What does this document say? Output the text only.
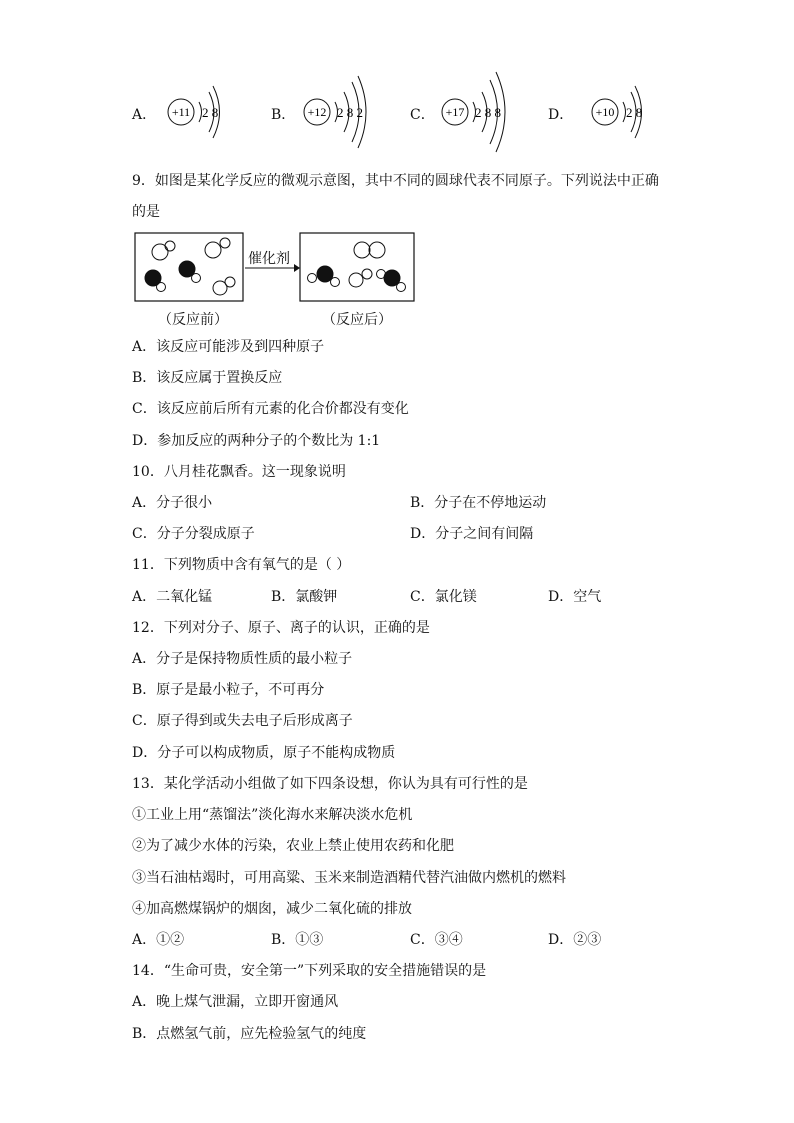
A． +11 2 8	B． +12 2 8 2	C． +17 2 8 8	D． +10 2 8
9．如图是某化学反应的微观示意图，其中不同的圆球代表不同原子。下列说法中正确
的是
催化剂
（反应前）	（反应后）
A．该反应可能涉及到四种原子
B．该反应属于置换反应
C．该反应前后所有元素的化合价都没有变化
D．参加反应的两种分子的个数比为 1:1
10．八月桂花飘香。这一现象说明
A．分子很小	B．分子在不停地运动
C．分子分裂成原子	D．分子之间有间隔
11．下列物质中含有氧气的是（ ）
A．二氧化锰	B．氯酸钾	C．氯化镁	D．空气
12．下列对分子、原子、离子的认识，正确的是
A．分子是保持物质性质的最小粒子
B．原子是最小粒子，不可再分
C．原子得到或失去电子后形成离子
D．分子可以构成物质，原子不能构成物质
13．某化学活动小组做了如下四条设想，你认为具有可行性的是
①工业上用“蒸馏法”淡化海水来解决淡水危机
②为了减少水体的污染，农业上禁止使用农药和化肥
③当石油枯竭时，可用高粱、玉米来制造酒精代替汽油做内燃机的燃料
④加高燃煤锅炉的烟囱，减少二氧化硫的排放
A．①②	B．①③	C．③④	D．②③
14．“生命可贵，安全第一”下列采取的安全措施错误的是
A．晚上煤气泄漏，立即开窗通风
B．点燃氢气前，应先检验氢气的纯度
